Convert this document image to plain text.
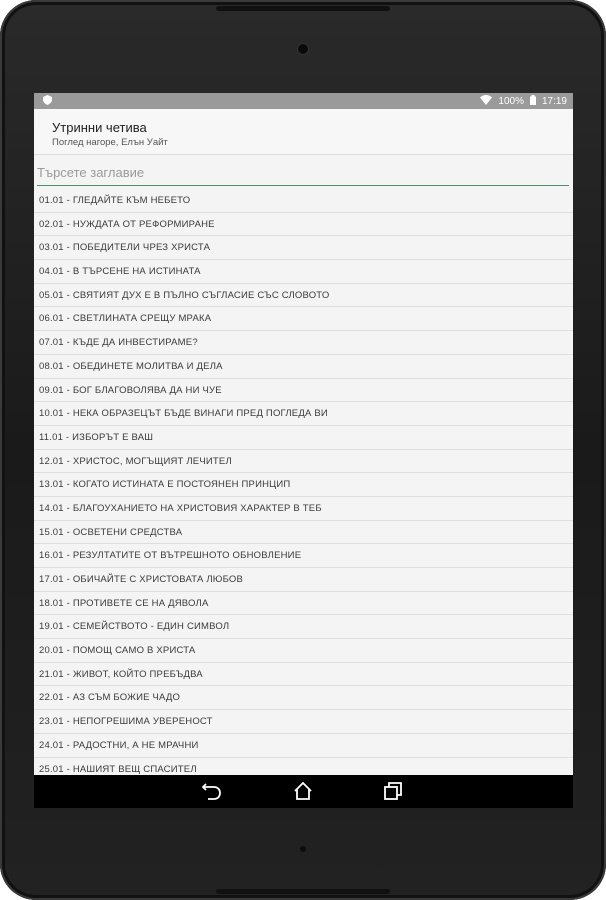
100% 17:19
Утринни четива
Поглед нагоре, Елън Уайт
Търсете заглавие
01.01 - ГЛЕДАЙТЕ КЪМ НЕБЕТО
02.01 - НУЖДАТА ОТ РЕФОРМИРАНЕ
03.01 - ПОБЕДИТЕЛИ ЧРЕЗ ХРИСТА
04.01 - В ТЪРСЕНЕ НА ИСТИНАТА
05.01 - СВЯТИЯТ ДУХ Е В ПЪЛНО СЪГЛАСИЕ СЪС СЛОВОТО
06.01 - СВЕТЛИНАТА СРЕЩУ МРАКА
07.01 - КЪДЕ ДА ИНВЕСТИРАМЕ?
08.01 - ОБЕДИНЕТЕ МОЛИТВА И ДЕЛА
09.01 - БОГ БЛАГОВОЛЯВА ДА НИ ЧУЕ
10.01 - НЕКА ОБРАЗЕЦЪТ БЪДЕ ВИНАГИ ПРЕД ПОГЛЕДА ВИ
11.01 - ИЗБОРЪТ Е ВАШ
12.01 - ХРИСТОС, МОГЪЩИЯТ ЛЕЧИТЕЛ
13.01 - КОГАТО ИСТИНАТА Е ПОСТОЯНЕН ПРИНЦИП
14.01 - БЛАГОУХАНИЕТО НА ХРИСТОВИЯ ХАРАКТЕР В ТЕБ
15.01 - ОСВЕТЕНИ СРЕДСТВА
16.01 - РЕЗУЛТАТИТЕ ОТ ВЪТРЕШНОТО ОБНОВЛЕНИЕ
17.01 - ОБИЧАЙТЕ С ХРИСТОВАТА ЛЮБОВ
18.01 - ПРОТИВЕТЕ СЕ НА ДЯВОЛА
19.01 - СЕМЕЙСТВОТО - ЕДИН СИМВОЛ
20.01 - ПОМОЩ САМО В ХРИСТА
21.01 - ЖИВОТ, КОЙТО ПРЕБЪДВА
22.01 - АЗ СЪМ БОЖИЕ ЧАДО
23.01 - НЕПОГРЕШИМА УВЕРЕНОСТ
24.01 - РАДОСТНИ, А НЕ МРАЧНИ
25.01 - НАШИЯТ ВЕЩ СПАСИТЕЛ
